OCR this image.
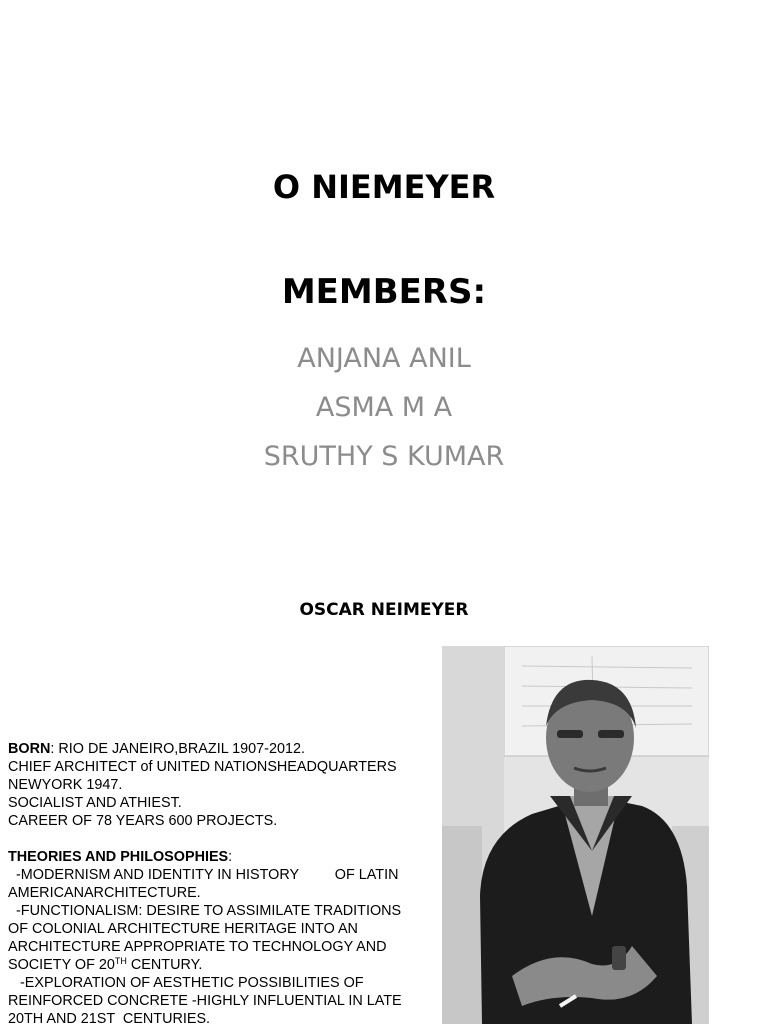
O NIEMEYER
MEMBERS:
ANJANA ANIL
ASMA M A
SRUTHY S KUMAR
OSCAR NEIMEYER
BORN: RIO DE JANEIRO,BRAZIL 1907-2012.
CHIEF ARCHITECT of UNITED NATIONSHEADQUARTERS
NEWYORK 1947.
SOCIALIST AND ATHIEST.
CAREER OF 78 YEARS 600 PROJECTS.
THEORIES AND PHILOSOPHIES:
-MODERNISM AND IDENTITY IN HISTORY         OF LATIN
AMERICANARCHITECTURE.
-FUNCTIONALISM: DESIRE TO ASSIMILATE TRADITIONS
OF COLONIAL ARCHITECTURE HERITAGE INTO AN
ARCHITECTURE APPROPRIATE TO TECHNOLOGY AND
SOCIETY OF 20TH CENTURY.
-EXPLORATION OF AESTHETIC POSSIBILITIES OF
REINFORCED CONCRETE -HIGHLY INFLUENTIAL IN LATE
20TH AND 21ST  CENTURIES.
